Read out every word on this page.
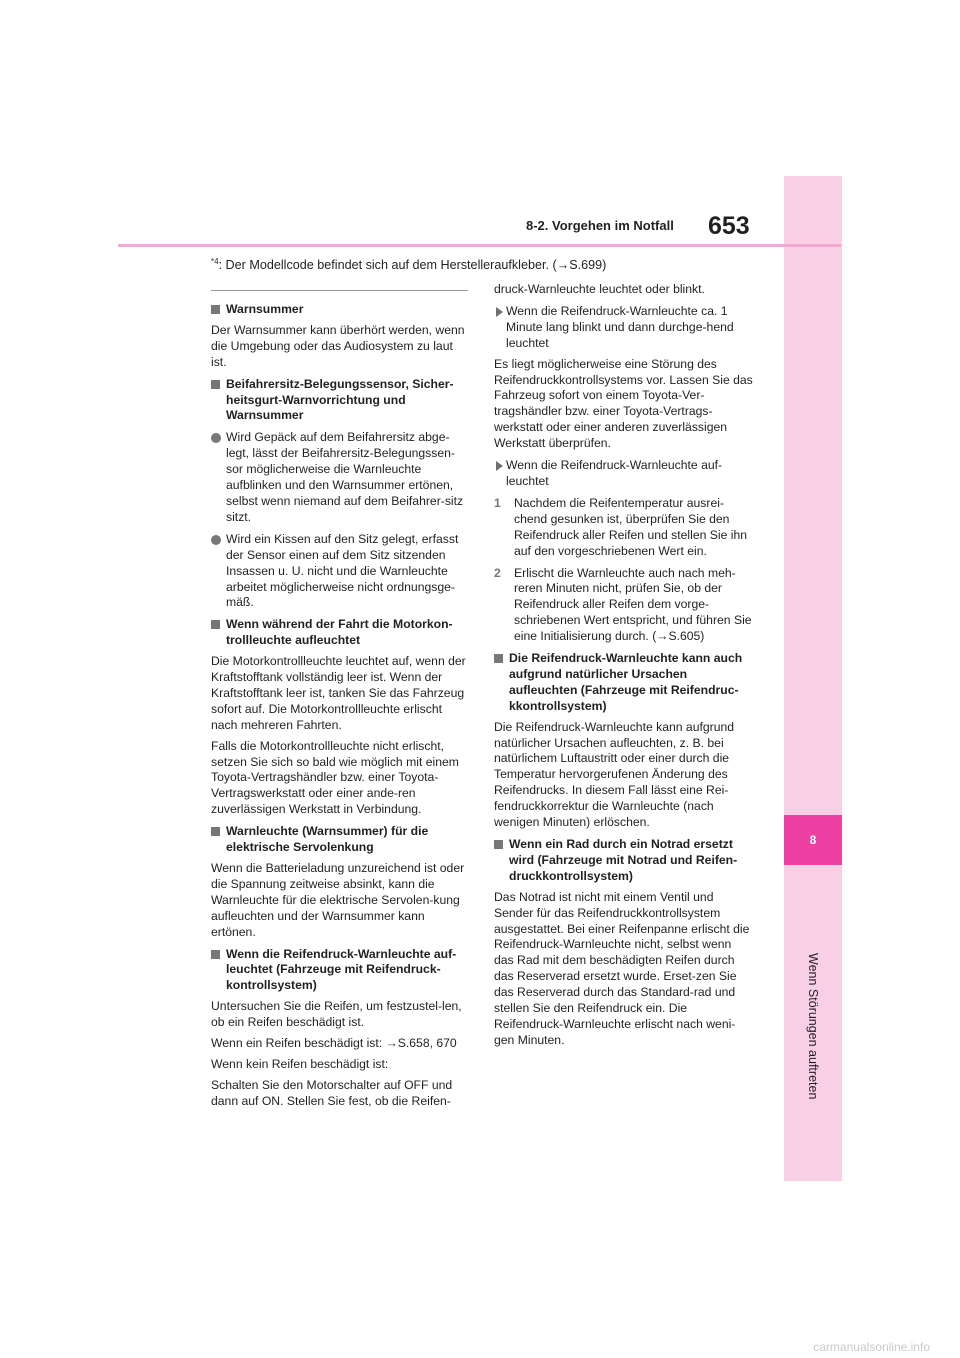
8
Wenn Störungen auftreten
653
8-2. Vorgehen im Notfall
$^{*4}$: Der Modellcode befindet sich auf dem Herstelleraufkleber. (→S.699)
Warnsummer

Der Warnsummer kann überhört werden, wenn die Umgebung oder das Audiosystem zu laut ist.

Beifahrersitz-Belegungssensor, Sicher-heitsgurt-Warnvorrichtung und Warnsummer
Wird Gepäck auf dem Beifahrersitz abge-legt, lässt der Beifahrersitz-Belegungssen-sor möglicherweise die Warnleuchte aufblinken und den Warnsummer ertönen, selbst wenn niemand auf dem Beifahrer-sitz sitzt.
Wird ein Kissen auf den Sitz gelegt, erfasst der Sensor einen auf dem Sitz sitzenden Insassen u. U. nicht und die Warnleuchte arbeitet möglicherweise nicht ordnungsge-mäß.
Wenn während der Fahrt die Motorkon-trollleuchte aufleuchtet

Die Motorkontrollleuchte leuchtet auf, wenn der Kraftstofftank vollständig leer ist. Wenn der Kraftstofftank leer ist, tanken Sie das Fahrzeug sofort auf. Die Motorkontrollleuchte erlischt nach mehreren Fahrten.

Falls die Motorkontrollleuchte nicht erlischt, setzen Sie sich so bald wie möglich mit einem Toyota-Vertragshändler bzw. einer Toyota-Vertragswerkstatt oder einer ande-ren zuverlässigen Werkstatt in Verbindung.

Warnleuchte (Warnsummer) für die elektrische Servolenkung

Wenn die Batterieladung unzureichend ist oder die Spannung zeitweise absinkt, kann die Warnleuchte für die elektrische Servolen-kung aufleuchten und der Warnsummer kann ertönen.

Wenn die Reifendruck-Warnleuchte auf-leuchtet (Fahrzeuge mit Reifendruck-kontrollsystem)

Untersuchen Sie die Reifen, um festzustel-len, ob ein Reifen beschädigt ist.

Wenn ein Reifen beschädigt ist: →S.658, 670

Wenn kein Reifen beschädigt ist:

Schalten Sie den Motorschalter auf OFF und dann auf ON. Stellen Sie fest, ob die Reifen-

druck-Warnleuchte leuchtet oder blinkt.

Wenn die Reifendruck-Warnleuchte ca. 1 Minute lang blinkt und dann durchge-hend leuchtet

Es liegt möglicherweise eine Störung des Reifendruckkontrollsystems vor. Lassen Sie das Fahrzeug sofort von einem Toyota-Ver-tragshändler bzw. einer Toyota-Vertrags-werkstatt oder einer anderen zuverlässigen Werkstatt überprüfen.

Wenn die Reifendruck-Warnleuchte auf-leuchtet
1 Nachdem die Reifentemperatur ausrei-chend gesunken ist, überprüfen Sie den Reifendruck aller Reifen und stellen Sie ihn auf den vorgeschriebenen Wert ein.
2 Erlischt die Warnleuchte auch nach meh-reren Minuten nicht, prüfen Sie, ob der Reifendruck aller Reifen dem vorge-schriebenen Wert entspricht, und führen Sie eine Initialisierung durch. (→S.605)
Die Reifendruck-Warnleuchte kann auch aufgrund natürlicher Ursachen aufleuchten (Fahrzeuge mit Reifendruc-kkontrollsystem)

Die Reifendruck-Warnleuchte kann aufgrund natürlicher Ursachen aufleuchten, z. B. bei natürlichem Luftaustritt oder einer durch die Temperatur hervorgerufenen Änderung des Reifendrucks. In diesem Fall lässt eine Rei-fendruckkorrektur die Warnleuchte (nach wenigen Minuten) erlöschen.

Wenn ein Rad durch ein Notrad ersetzt wird (Fahrzeuge mit Notrad und Reifen-druckkontrollsystem)

Das Notrad ist nicht mit einem Ventil und Sender für das Reifendruckkontrollsystem ausgestattet. Bei einer Reifenpanne erlischt die Reifendruck-Warnleuchte nicht, selbst wenn das Rad mit dem beschädigten Reifen durch das Reserverad ersetzt wurde. Erset-zen Sie das Reserverad durch das Standard-rad und stellen Sie den Reifendruck ein. Die Reifendruck-Warnleuchte erlischt nach weni-gen Minuten.

carmanualsonline.info
